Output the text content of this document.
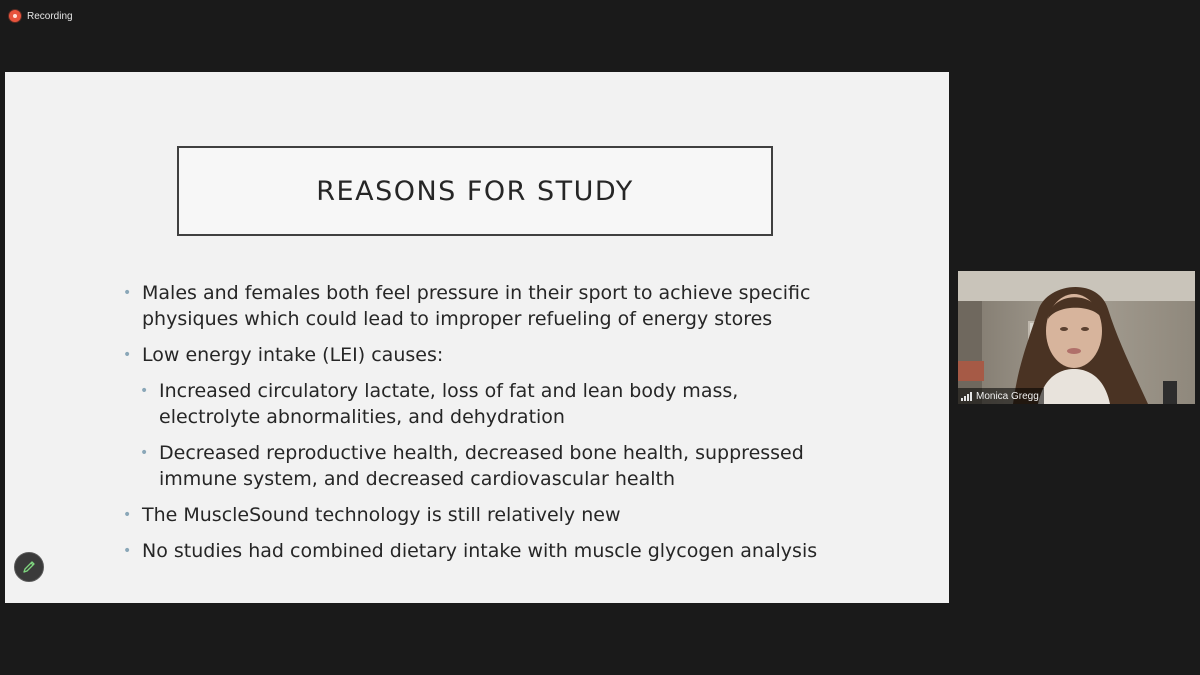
Recording
REASONS FOR STUDY
• Males and females both feel pressure in their sport to achieve specific physiques which could lead to improper refueling of energy stores
• Low energy intake (LEI) causes:
• Increased circulatory lactate, loss of fat and lean body mass, electrolyte abnormalities, and dehydration
• Decreased reproductive health, decreased bone health, suppressed immune system, and decreased cardiovascular health
• The MuscleSound technology is still relatively new
• No studies had combined dietary intake with muscle glycogen analysis
Monica Gregg
